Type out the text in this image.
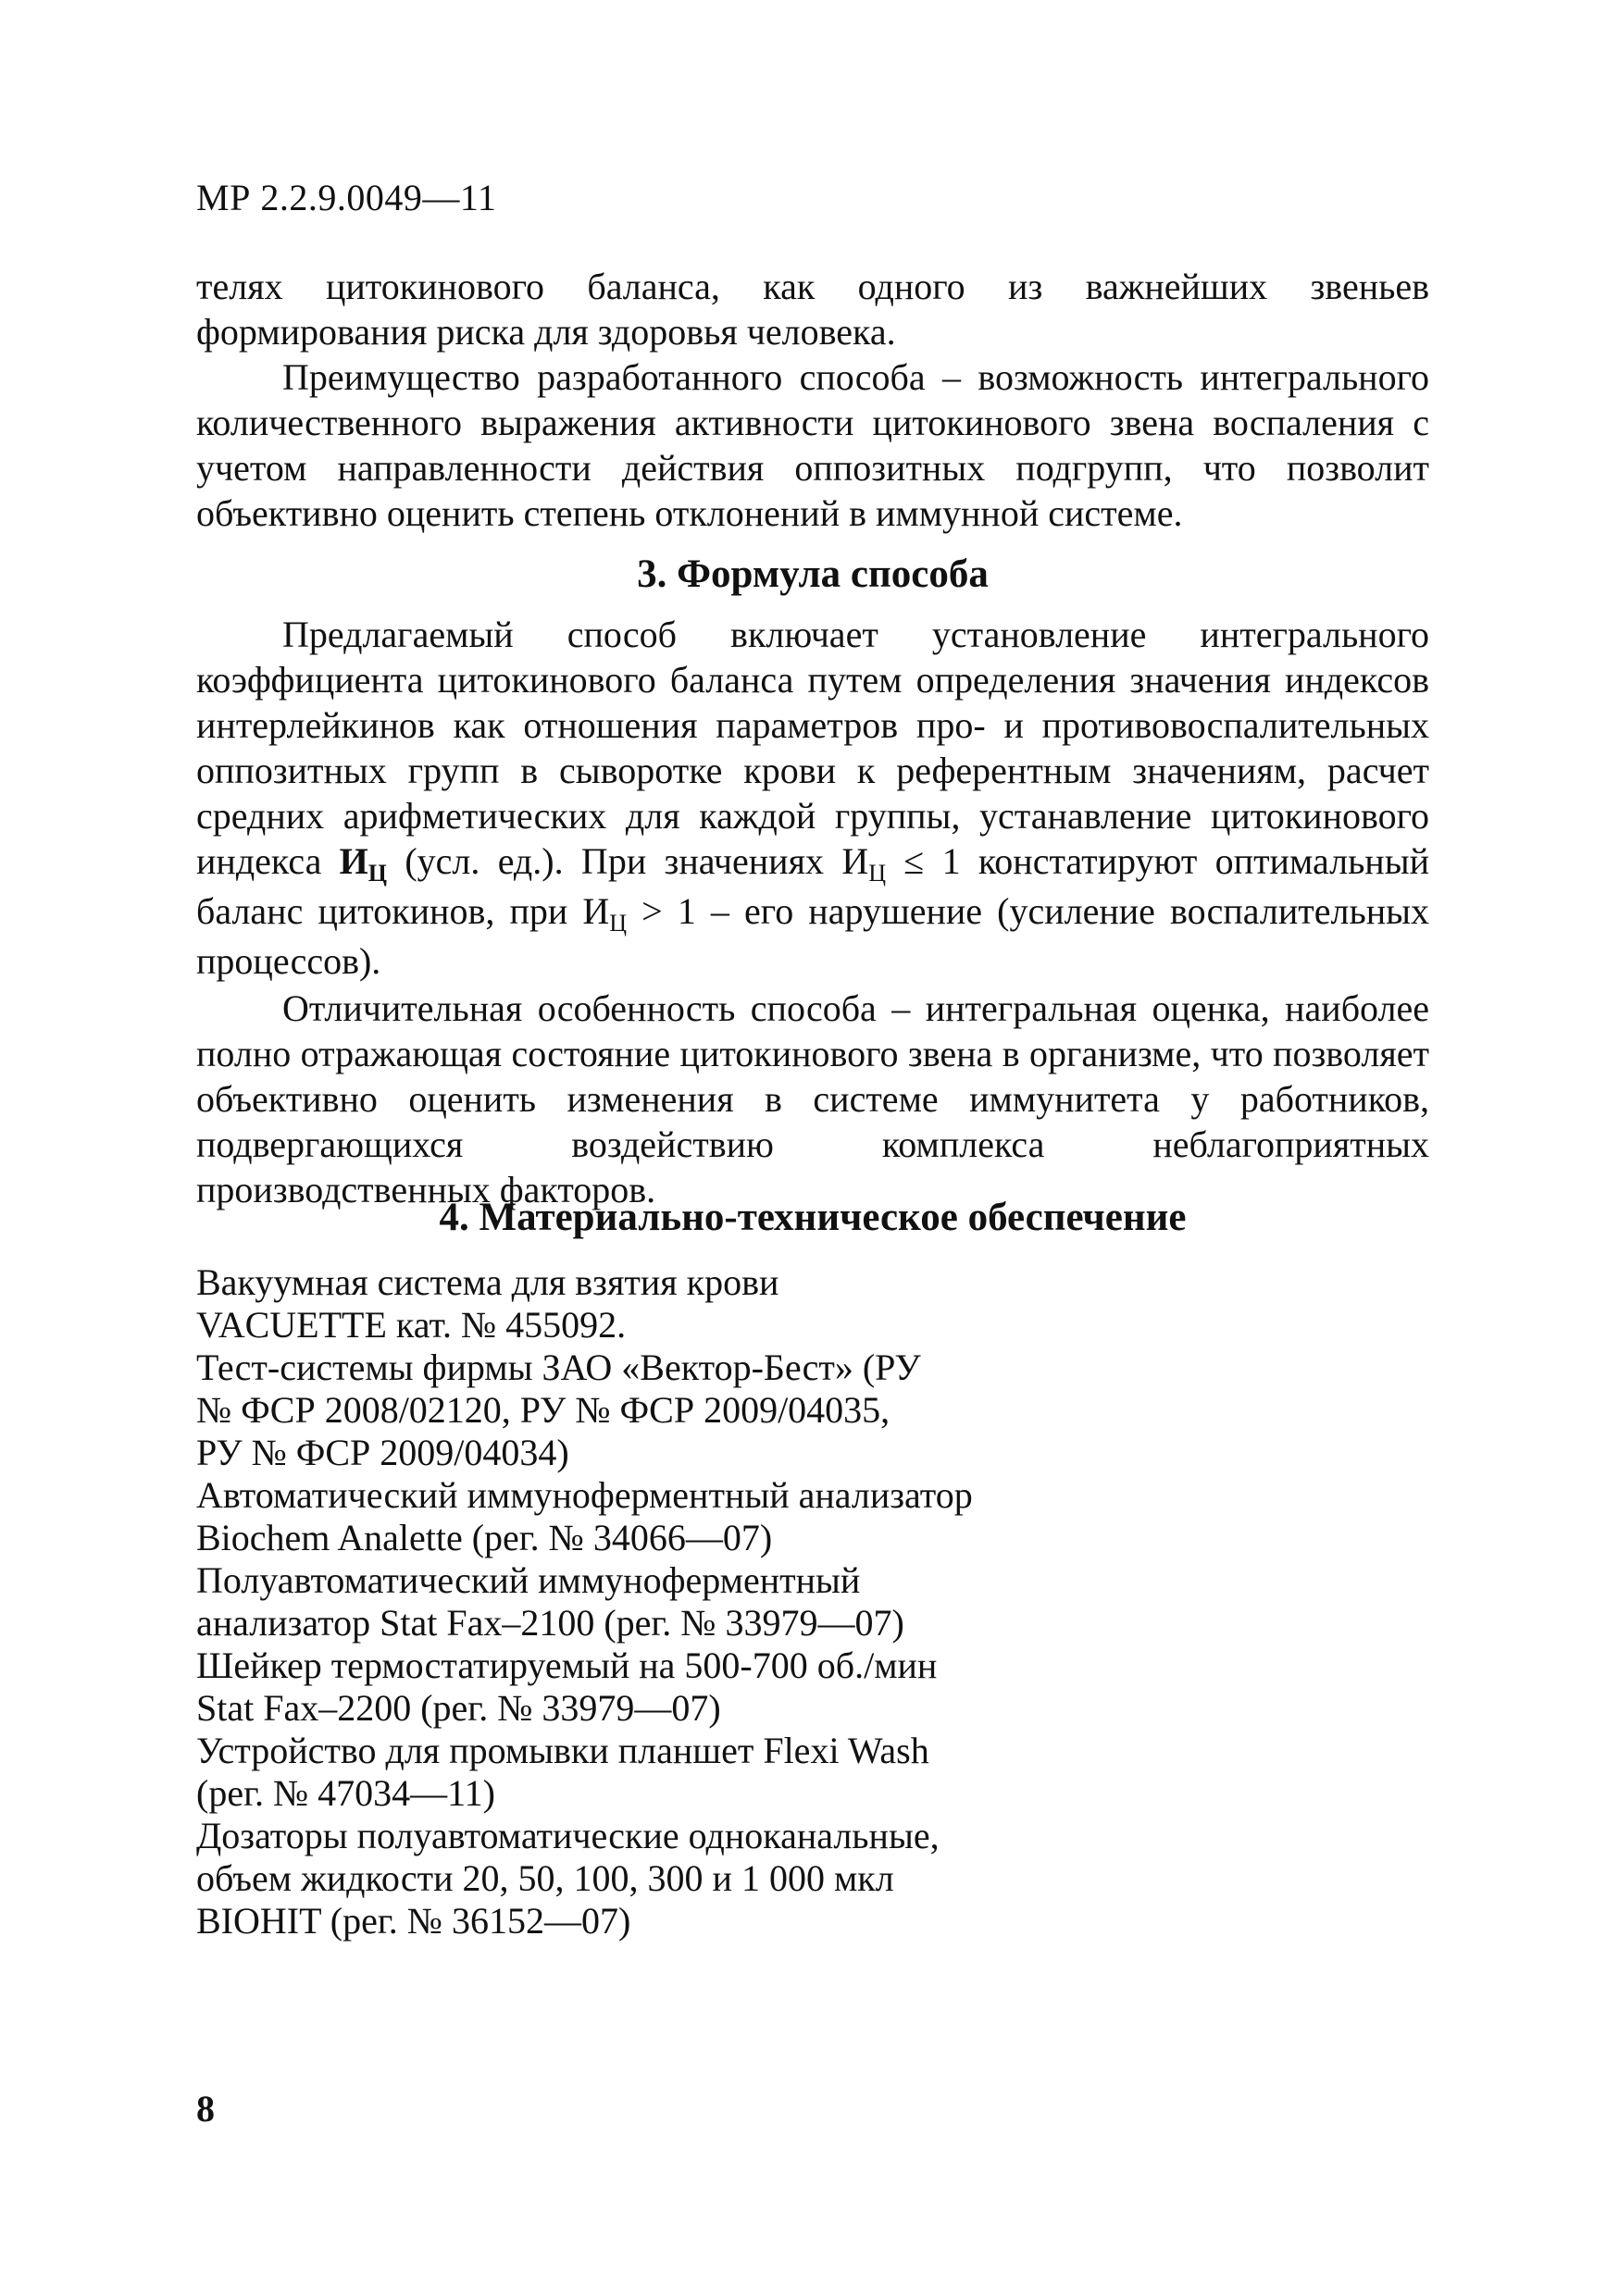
МР 2.2.9.0049—11

телях цитокинового баланса, как одного из важнейших звеньев формирования риска для здоровья человека.

Преимущество разработанного способа – возможность интегрального количественного выражения активности цитокинового звена воспаления с учетом направленности действия оппозитных подгрупп, что позволит объективно оценить степень отклонений в иммунной системе.

3. Формула способа

Предлагаемый способ включает установление интегрального коэффициента цитокинового баланса путем определения значения индексов интерлейкинов как отношения параметров про- и противовоспалительных оппозитных групп в сыворотке крови к референтным значениям, расчет средних арифметических для каждой группы, устанавление цитокинового индекса $И_Ц$ (усл. ед.). При значениях $И_Ц \le 1$ констатируют оптимальный баланс цитокинов, при $И_Ц > 1$ – его нарушение (усиление воспалительных процессов).

Отличительная особенность способа – интегральная оценка, наиболее полно отражающая состояние цитокинового звена в организме, что позволяет объективно оценить изменения в системе иммунитета у работников, подвергающихся воздействию комплекса неблагоприятных производственных факторов.

4. Материально-техническое обеспечение

Вакуумная система для взятия крови

VACUETTE кат. № 455092.

Тест-системы фирмы ЗАО «Вектор-Бест» (РУ

№ ФСР 2008/02120, РУ № ФСР 2009/04035,

РУ № ФСР 2009/04034)

Автоматический иммуноферментный анализатор

Biochem Analette (рег. № 34066—07)

Полуавтоматический иммуноферментный

анализатор Stat Fax–2100 (рег. № 33979—07)

Шейкер термостатируемый на 500-700 об./мин

Stat Fax–2200 (рег. № 33979—07)

Устройство для промывки планшет Flexi Wash

(рег. № 47034—11)

Дозаторы полуавтоматические одноканальные,

объем жидкости 20, 50, 100, 300 и 1 000 мкл

BIOHIT (рег. № 36152—07)

8
